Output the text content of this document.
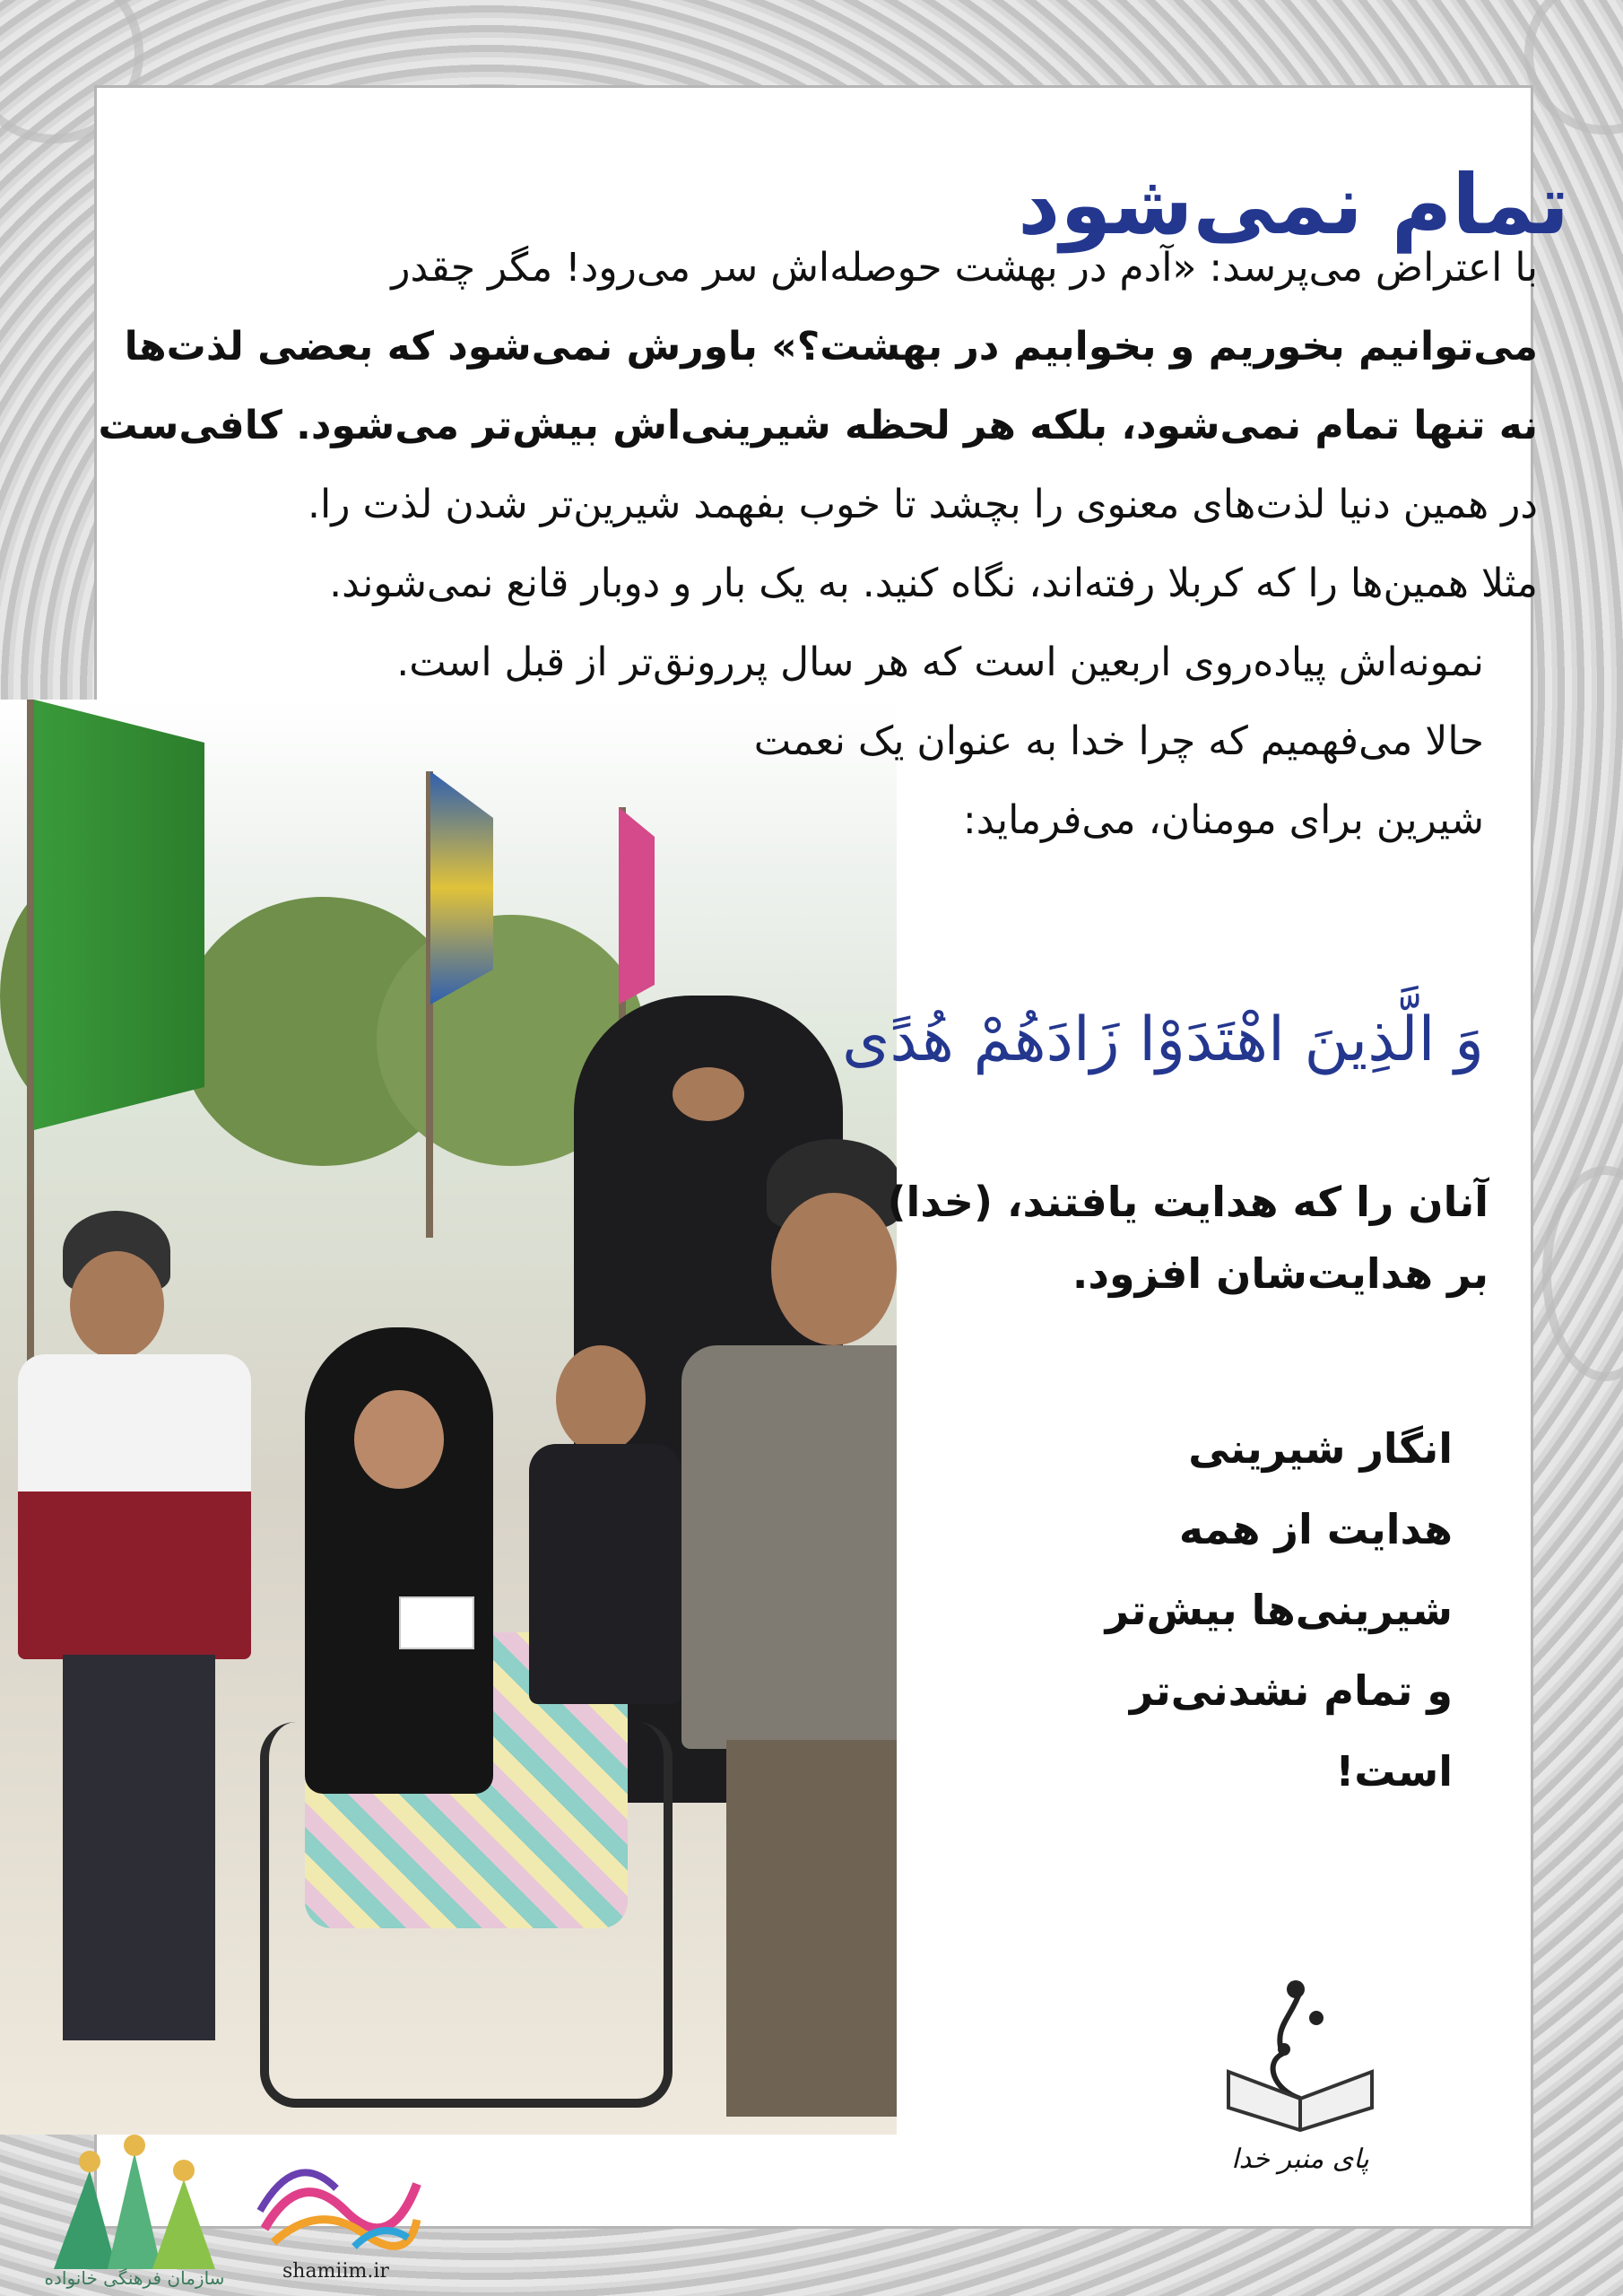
تمام نمی‌شود

با اعتراض می‌پرسد: «آدم در بهشت حوصله‌اش سر می‌رود! مگر چقدر

می‌توانیم بخوریم و بخوابیم در بهشت؟» باورش نمی‌شود که بعضی لذت‌ها

نه تنها تمام نمی‌شود، بلکه هر لحظه شیرینی‌اش بیش‌تر می‌شود. کافی‌ست

در همین دنیا لذت‌های معنوی را بچشد تا خوب بفهمد شیرین‌تر شدن لذت را.

مثلا همین‌ها را که کربلا رفته‌اند، نگاه کنید. به یک بار و دوبار قانع نمی‌شوند.

نمونه‌اش پیاده‌روی اربعین است که هر سال پررونق‌تر از قبل است.

حالا می‌فهمیم که چرا خدا به عنوان یک نعمت

شیرین برای مومنان، می‌فرماید:

وَ الَّذِینَ اهْتَدَوْا زَادَهُمْ هُدًی

آنان را که هدایت یافتند، (خدا)

بر هدایت‌شان افزود.

انگار شیرینی

هدایت از همه

شیرینی‌ها بیش‌تر

و تمام نشدنی‌تر

است!

سازمان فرهنگی خانواده	shamiim.ir
پای منبر خدا
